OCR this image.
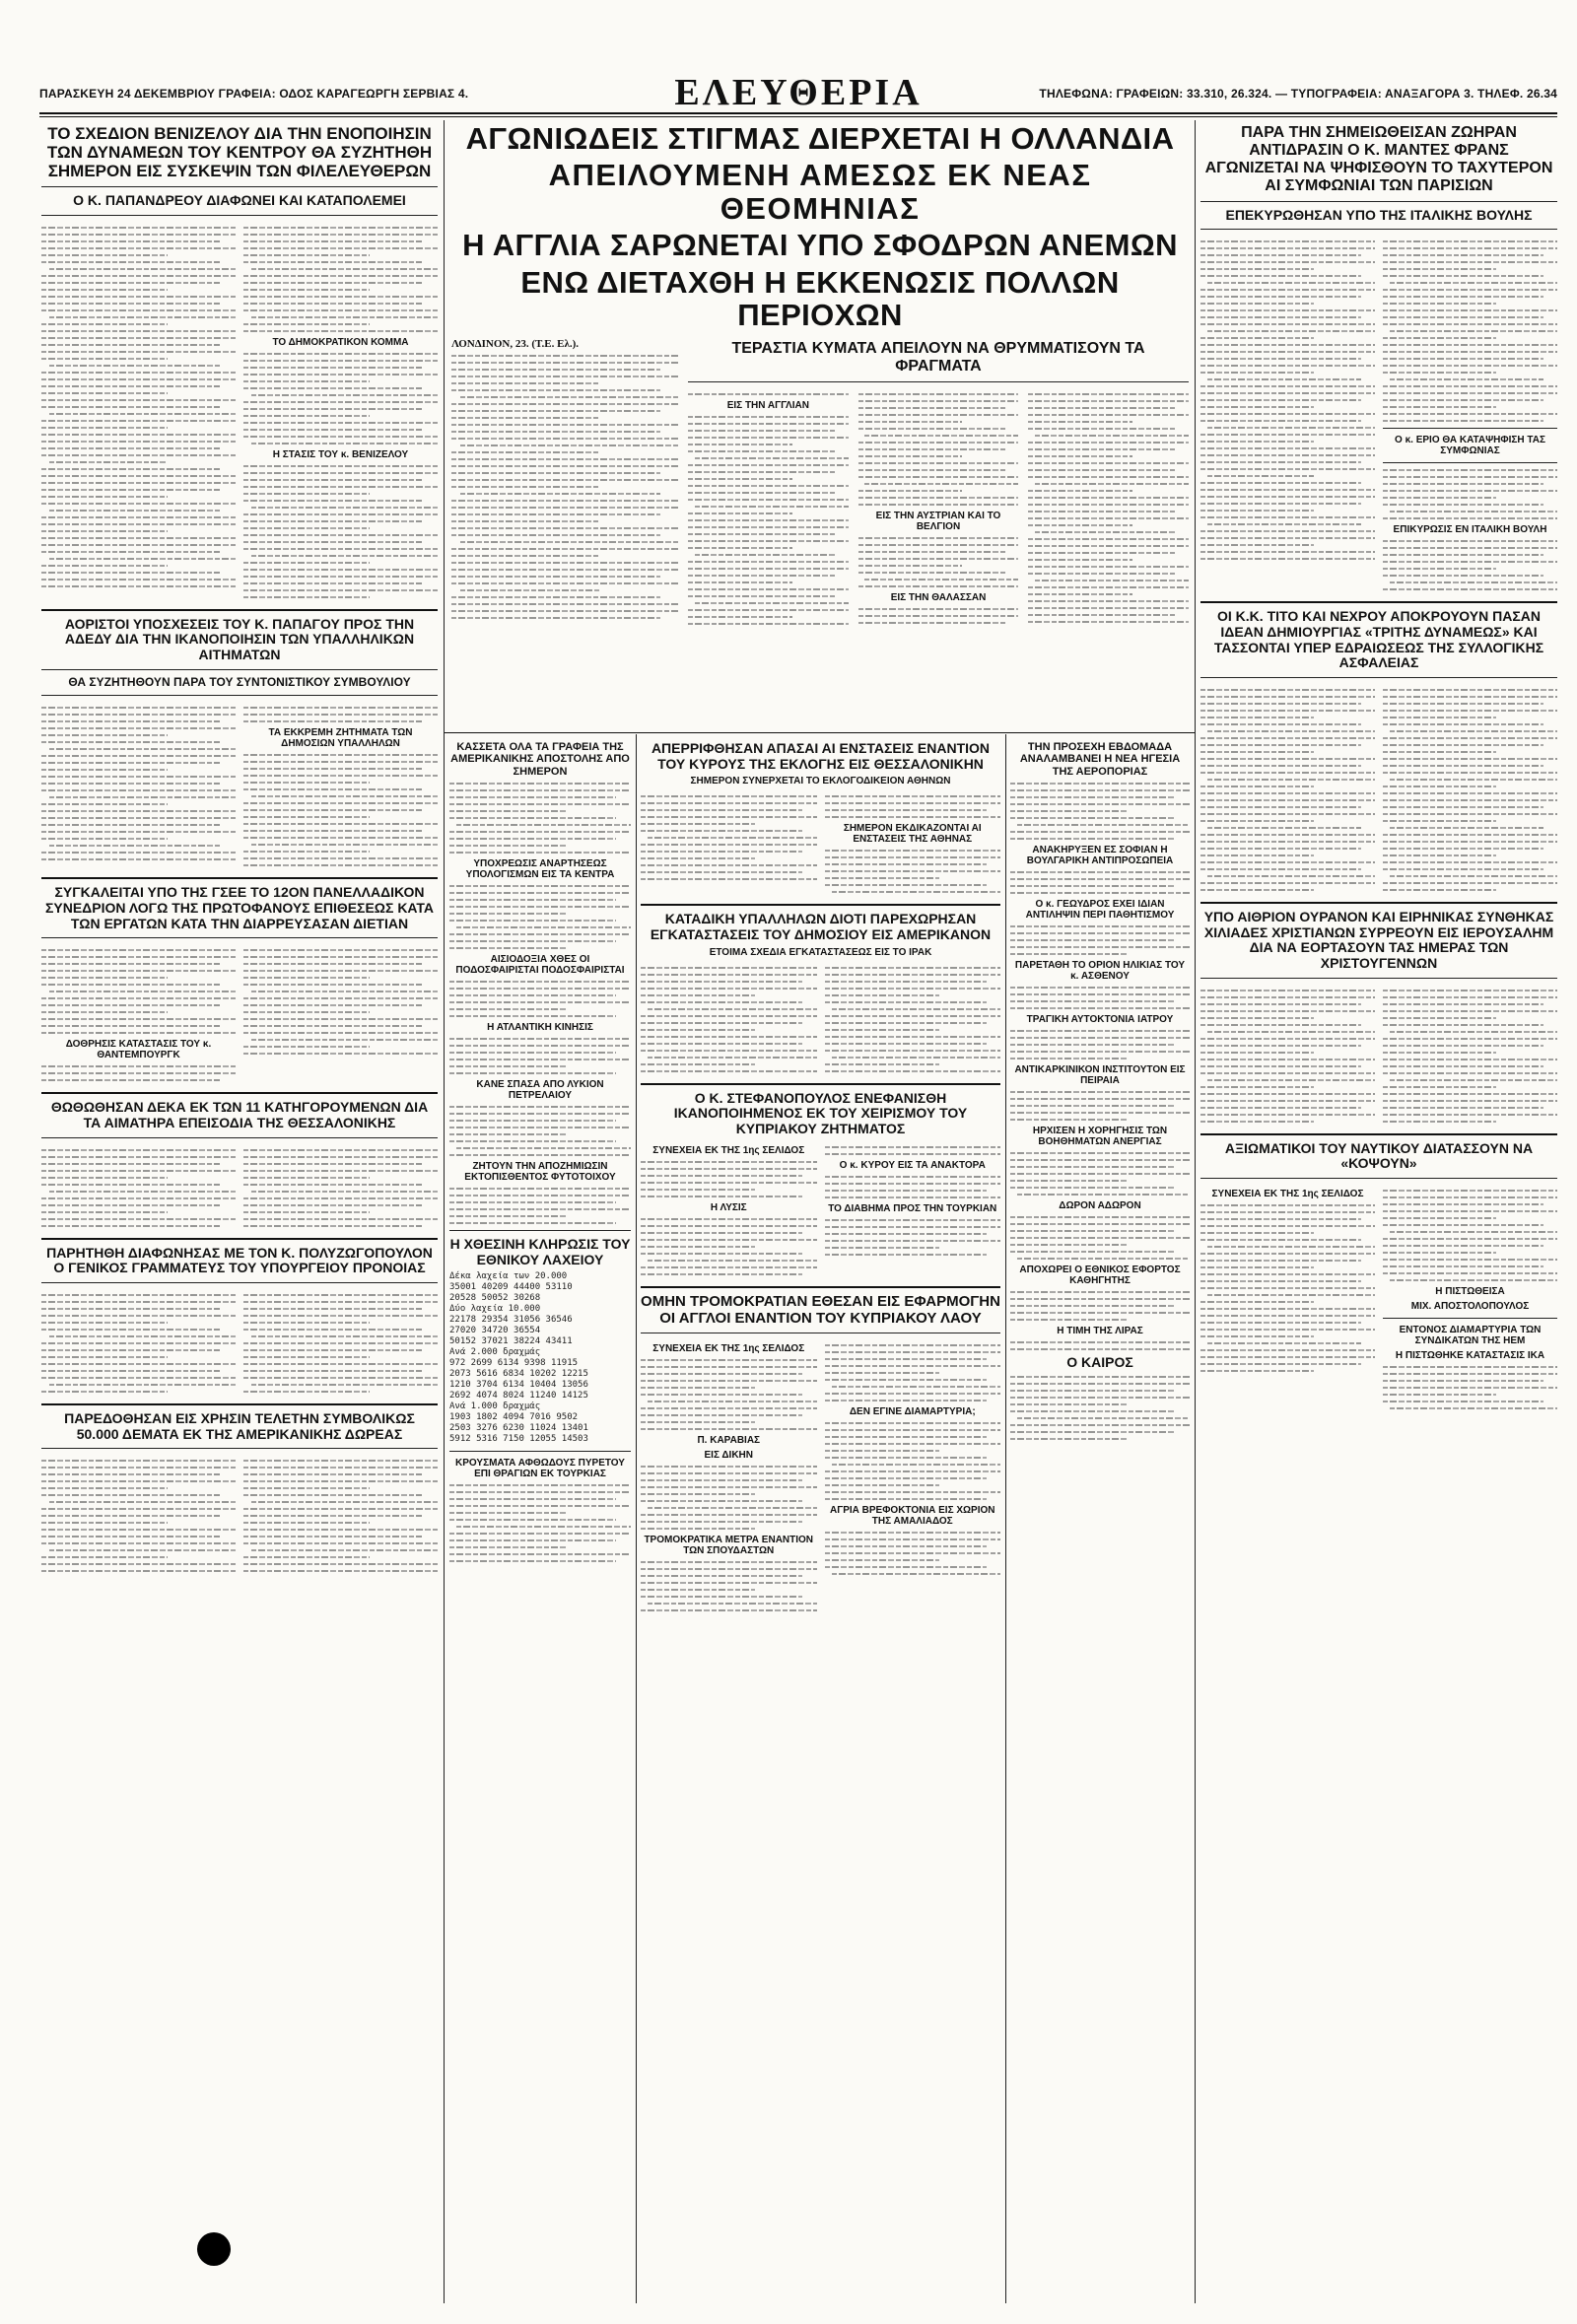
ΠΑΡΑΣΚΕΥΗ 24 ΔΕΚΕΜΒΡΙΟΥ ΓΡΑΦΕΙΑ: ΟΔΟΣ ΚΑΡΑΓΕΩΡΓΗ ΣΕΡΒΙΑΣ 4.	ΕΛΕΥΘΕΡΙΑ	ΤΗΛΕΦΩΝΑ: ΓΡΑΦΕΙΩΝ: 33.310, 26.324. — ΤΥΠΟΓΡΑΦΕΙΑ: ΑΝΑΞΑΓΟΡΑ 3. ΤΗΛΕΦ. 26.34
ΤΟ ΣΧΕΔΙΟΝ ΒΕΝΙΖΕΛΟΥ ΔΙΑ ΤΗΝ ΕΝΟΠΟΙΗΣΙΝ ΤΩΝ ΔΥΝΑΜΕΩΝ ΤΟΥ ΚΕΝΤΡΟΥ ΘΑ ΣΥΖΗΤΗΘΗ ΣΗΜΕΡΟΝ ΕΙΣ ΣΥΣΚΕΨΙΝ ΤΩΝ ΦΙΛΕΛΕΥΘΕΡΩΝ
Ο Κ. ΠΑΠΑΝΔΡΕΟΥ ΔΙΑΦΩΝΕΙ ΚΑΙ ΚΑΤΑΠΟΛΕΜΕΙ
ΤΟ ΔΗΜΟΚΡΑΤΙΚΟΝ ΚΟΜΜΑ
Η ΣΤΑΣΙΣ ΤΟΥ κ. ΒΕΝΙΖΕΛΟΥ
ΑΟΡΙΣΤΟΙ ΥΠΟΣΧΕΣΕΙΣ ΤΟΥ Κ. ΠΑΠΑΓΟΥ ΠΡΟΣ ΤΗΝ ΑΔΕΔΥ ΔΙΑ ΤΗΝ ΙΚΑΝΟΠΟΙΗΣΙΝ ΤΩΝ ΥΠΑΛΛΗΛΙΚΩΝ ΑΙΤΗΜΑΤΩΝ
ΘΑ ΣΥΖΗΤΗΘΟΥΝ ΠΑΡΑ ΤΟΥ ΣΥΝΤΟΝΙΣΤΙΚΟΥ ΣΥΜΒΟΥΛΙΟΥ
ΤΑ ΕΚΚΡΕΜΗ ΖΗΤΗΜΑΤΑ ΤΩΝ ΔΗΜΟΣΙΩΝ ΥΠΑΛΛΗΛΩΝ
ΣΥΓΚΑΛΕΙΤΑΙ ΥΠΟ ΤΗΣ ΓΣΕΕ ΤΟ 12ΟΝ ΠΑΝΕΛΛΑΔΙΚΟΝ ΣΥΝΕΔΡΙΟΝ ΛΟΓΩ ΤΗΣ ΠΡΩΤΟΦΑΝΟΥΣ ΕΠΙΘΕΣΕΩΣ ΚΑΤΑ ΤΩΝ ΕΡΓΑΤΩΝ ΚΑΤΑ ΤΗΝ ΔΙΑΡΡΕΥΣΑΣΑΝ ΔΙΕΤΙΑΝ
ΔΟΘΡΗΣΙΣ ΚΑΤΑΣΤΑΣΙΣ ΤΟΥ κ. ΘΑΝΤΕΜΠΟΥΡΓΚ
ΘΩΘΩΘΗΣΑΝ ΔΕΚΑ ΕΚ ΤΩΝ 11 ΚΑΤΗΓΟΡΟΥΜΕΝΩΝ ΔΙΑ ΤΑ ΑΙΜΑΤΗΡΑ ΕΠΕΙΣΟΔΙΑ ΤΗΣ ΘΕΣΣΑΛΟΝΙΚΗΣ
ΠΑΡΗΤΗΘΗ ΔΙΑΦΩΝΗΣΑΣ ΜΕ ΤΟΝ Κ. ΠΟΛΥΖΩΓΟΠΟΥΛΟΝ Ο ΓΕΝΙΚΟΣ ΓΡΑΜΜΑΤΕΥΣ ΤΟΥ ΥΠΟΥΡΓΕΙΟΥ ΠΡΟΝΟΙΑΣ
ΠΑΡΕΔΟΘΗΣΑΝ ΕΙΣ ΧΡΗΣΙΝ ΤΕΛΕΤΗΝ ΣΥΜΒΟΛΙΚΩΣ 50.000 ΔΕΜΑΤΑ ΕΚ ΤΗΣ ΑΜΕΡΙΚΑΝΙΚΗΣ ΔΩΡΕΑΣ
ΑΓΩΝΙΩΔΕΙΣ ΣΤΙΓΜΑΣ ΔΙΕΡΧΕΤΑΙ Η ΟΛΛΑΝΔΙΑ
ΑΠΕΙΛΟΥΜΕΝΗ ΑΜΕΣΩΣ ΕΚ ΝΕΑΣ ΘΕΟΜΗΝΙΑΣ
Η ΑΓΓΛΙΑ ΣΑΡΩΝΕΤΑΙ ΥΠΟ ΣΦΟΔΡΩΝ ΑΝΕΜΩΝ
ΕΝΩ ΔΙΕΤΑΧΘΗ Η ΕΚΚΕΝΩΣΙΣ ΠΟΛΛΩΝ ΠΕΡΙΟΧΩΝ
ΛΟΝΔΙΝΟΝ, 23. (Τ.Ε. Ελ.).	ΤΕΡΑΣΤΙΑ ΚΥΜΑΤΑ ΑΠΕΙΛΟΥΝ ΝΑ ΘΡΥΜΜΑΤΙΣΟΥΝ ΤΑ ΦΡΑΓΜΑΤΑ
ΕΙΣ ΤΗΝ ΑΓΓΛΙΑΝ
ΕΙΣ ΤΗΝ ΑΥΣΤΡΙΑΝ ΚΑΙ ΤΟ ΒΕΛΓΙΟΝ
ΕΙΣ ΤΗΝ ΘΑΛΑΣΣΑΝ
ΚΑΣΣΕΤΑ ΟΛΑ ΤΑ ΓΡΑΦΕΙΑ ΤΗΣ ΑΜΕΡΙΚΑΝΙΚΗΣ ΑΠΟΣΤΟΛΗΣ ΑΠΟ ΣΗΜΕΡΟΝ
ΥΠΟΧΡΕΩΣΙΣ ΑΝΑΡΤΗΣΕΩΣ ΥΠΟΛΟΓΙΣΜΩΝ ΕΙΣ ΤΑ ΚΕΝΤΡΑ
ΑΙΣΙΟΔΟΞΙΑ ΧΘΕΣ ΟΙ ΠΟΔΟΣΦΑΙΡΙΣΤΑΙ ΠΟΔΟΣΦΑΙΡΙΣΤΑΙ
Η ΑΤΛΑΝΤΙΚΗ ΚΙΝΗΣΙΣ
ΚΑΝΕ ΣΠΑΣΑ ΑΠΟ ΛΥΚΙΟΝ ΠΕΤΡΕΛΑΙΟΥ
ΖΗΤΟΥΝ ΤΗΝ ΑΠΟΖΗΜΙΩΣΙΝ ΕΚΤΟΠΙΣΘΕΝΤΟΣ ΦΥΤΟΤΟΙΧΟΥ
Η ΧΘΕΣΙΝΗ ΚΛΗΡΩΣΙΣ ΤΟΥ ΕΘΝΙΚΟΥ ΛΑΧΕΙΟΥ
Δέκα λαχεία των 20.000
35001 40209 44400 53110
20528 50052 30268
Δύο λαχεία 10.000
22178 29354 31056 36546
27020 34720 36554
50152 37021 38224 43411
Ανά 2.000 δραχμάς
972 2699 6134 9398 11915
2073 5616 6834 10202 12215
1210 3704 6134 10404 13056
2692 4074 8024 11240 14125
Ανά 1.000 δραχμάς
1903 1802 4094 7016 9502
2503 3276 6230 11024 13401
5912 5316 7150 12055 14503
ΚΡΟΥΣΜΑΤΑ ΑΦΘΩΔΟΥΣ ΠΥΡΕΤΟΥ ΕΠΙ ΘΡΑΓΙΩΝ ΕΚ ΤΟΥΡΚΙΑΣ
ΑΠΕΡΡΙΦΘΗΣΑΝ ΑΠΑΣΑΙ ΑΙ ΕΝΣΤΑΣΕΙΣ ΕΝΑΝΤΙΟΝ ΤΟΥ ΚΥΡΟΥΣ ΤΗΣ ΕΚΛΟΓΗΣ ΕΙΣ ΘΕΣΣΑΛΟΝΙΚΗΝ
ΣΗΜΕΡΟΝ ΣΥΝΕΡΧΕΤΑΙ ΤΟ ΕΚΛΟΓΟΔΙΚΕΙΟΝ ΑΘΗΝΩΝ
ΣΗΜΕΡΟΝ ΕΚΔΙΚΑΖΟΝΤΑΙ ΑΙ ΕΝΣΤΑΣΕΙΣ ΤΗΣ ΑΘΗΝΑΣ
ΚΑΤΑΔΙΚΗ ΥΠΑΛΛΗΛΩΝ ΔΙΟΤΙ ΠΑΡΕΧΩΡΗΣΑΝ ΕΓΚΑΤΑΣΤΑΣΕΙΣ ΤΟΥ ΔΗΜΟΣΙΟΥ ΕΙΣ ΑΜΕΡΙΚΑΝΟΝ
ΕΤΟΙΜΑ ΣΧΕΔΙΑ ΕΓΚΑΤΑΣΤΑΣΕΩΣ ΕΙΣ ΤΟ ΙΡΑΚ
Ο Κ. ΣΤΕΦΑΝΟΠΟΥΛΟΣ ΕΝΕΦΑΝΙΣΘΗ ΙΚΑΝΟΠΟΙΗΜΕΝΟΣ ΕΚ ΤΟΥ ΧΕΙΡΙΣΜΟΥ ΤΟΥ ΚΥΠΡΙΑΚΟΥ ΖΗΤΗΜΑΤΟΣ
ΣΥΝΕΧΕΙΑ ΕΚ ΤΗΣ 1ης ΣΕΛΙΔΟΣ
Η ΛΥΣΙΣ
Ο κ. ΚΥΡΟΥ ΕΙΣ ΤΑ ΑΝΑΚΤΟΡΑ
ΤΟ ΔΙΑΒΗΜΑ ΠΡΟΣ ΤΗΝ ΤΟΥΡΚΙΑΝ
ΟΜΗΝ ΤΡΟΜΟΚΡΑΤΙΑΝ ΕΘΕΣΑΝ ΕΙΣ ΕΦΑΡΜΟΓΗΝ ΟΙ ΑΓΓΛΟΙ ΕΝΑΝΤΙΟΝ ΤΟΥ ΚΥΠΡΙΑΚΟΥ ΛΑΟΥ
ΣΥΝΕΧΕΙΑ ΕΚ ΤΗΣ 1ης ΣΕΛΙΔΟΣ
Π. ΚΑΡΑΒΙΑΣ
ΕΙΣ ΔΙΚΗΝ
ΤΡΟΜΟΚΡΑΤΙΚΑ ΜΕΤΡΑ ΕΝΑΝΤΙΟΝ ΤΩΝ ΣΠΟΥΔΑΣΤΩΝ
ΔΕΝ ΕΓΙΝΕ ΔΙΑΜΑΡΤΥΡΙΑ;
ΑΓΡΙΑ ΒΡΕΦΟΚΤΟΝΙΑ ΕΙΣ ΧΩΡΙΟΝ ΤΗΣ ΑΜΑΛΙΑΔΟΣ
ΤΗΝ ΠΡΟΣΕΧΗ ΕΒΔΟΜΑΔΑ ΑΝΑΛΑΜΒΑΝΕΙ Η ΝΕΑ ΗΓΕΣΙΑ ΤΗΣ ΑΕΡΟΠΟΡΙΑΣ
ΑΝΑΚΗΡΥΞΕΝ ΕΣ ΣΟΦΙΑΝ Η ΒΟΥΛΓΑΡΙΚΗ ΑΝΤΙΠΡΟΣΩΠΕΙΑ
Ο κ. ΓΕΩΥΔΡΟΣ ΕΧΕΙ ΙΔΙΑΝ ΑΝΤΙΛΗΨΙΝ ΠΕΡΙ ΠΑΘΗΤΙΣΜΟΥ
ΠΑΡΕΤΑΘΗ ΤΟ ΟΡΙΟΝ ΗΛΙΚΙΑΣ ΤΟΥ κ. ΑΣΘΕΝΟΥ
ΤΡΑΓΙΚΗ ΑΥΤΟΚΤΟΝΙΑ ΙΑΤΡΟΥ
ΑΝΤΙΚΑΡΚΙΝΙΚΟΝ ΙΝΣΤΙΤΟΥΤΟΝ ΕΙΣ ΠΕΙΡΑΙΑ
ΗΡΧΙΣΕΝ Η ΧΟΡΗΓΗΣΙΣ ΤΩΝ ΒΟΗΘΗΜΑΤΩΝ ΑΝΕΡΓΙΑΣ
ΔΩΡΟΝ ΑΔΩΡΟΝ
ΑΠΟΧΩΡΕΙ Ο ΕΘΝΙΚΟΣ ΕΦΟΡΤΟΣ ΚΑΘΗΓΗΤΗΣ
Η ΤΙΜΗ ΤΗΣ ΛΙΡΑΣ
Ο ΚΑΙΡΟΣ
ΠΑΡΑ ΤΗΝ ΣΗΜΕΙΩΘΕΙΣΑΝ ΖΩΗΡΑΝ ΑΝΤΙΔΡΑΣΙΝ Ο Κ. ΜΑΝΤΕΣ ΦΡΑΝΣ ΑΓΩΝΙΖΕΤΑΙ ΝΑ ΨΗΦΙΣΘΟΥΝ ΤΟ ΤΑΧΥΤΕΡΟΝ ΑΙ ΣΥΜΦΩΝΙΑΙ ΤΩΝ ΠΑΡΙΣΙΩΝ
ΕΠΕΚΥΡΩΘΗΣΑΝ ΥΠΟ ΤΗΣ ΙΤΑΛΙΚΗΣ ΒΟΥΛΗΣ
Ο κ. ΕΡΙΟ ΘΑ ΚΑΤΑΨΗΦΙΣΗ ΤΑΣ ΣΥΜΦΩΝΙΑΣ
ΕΠΙΚΥΡΩΣΙΣ ΕΝ ΙΤΑΛΙΚΗ ΒΟΥΛΗ
ΟΙ Κ.Κ. ΤΙΤΟ ΚΑΙ ΝΕΧΡΟΥ ΑΠΟΚΡΟΥΟΥΝ ΠΑΣΑΝ ΙΔΕΑΝ ΔΗΜΙΟΥΡΓΙΑΣ «ΤΡΙΤΗΣ ΔΥΝΑΜΕΩΣ» ΚΑΙ ΤΑΣΣΟΝΤΑΙ ΥΠΕΡ ΕΔΡΑΙΩΣΕΩΣ ΤΗΣ ΣΥΛΛΟΓΙΚΗΣ ΑΣΦΑΛΕΙΑΣ
ΥΠΟ ΑΙΘΡΙΟΝ ΟΥΡΑΝΟΝ ΚΑΙ ΕΙΡΗΝΙΚΑΣ ΣΥΝΘΗΚΑΣ ΧΙΛΙΑΔΕΣ ΧΡΙΣΤΙΑΝΩΝ ΣΥΡΡΕΟΥΝ ΕΙΣ ΙΕΡΟΥΣΑΛΗΜ ΔΙΑ ΝΑ ΕΟΡΤΑΣΟΥΝ ΤΑΣ ΗΜΕΡΑΣ ΤΩΝ ΧΡΙΣΤΟΥΓΕΝΝΩΝ
ΑΞΙΩΜΑΤΙΚΟΙ ΤΟΥ ΝΑΥΤΙΚΟΥ ΔΙΑΤΑΣΣΟΥΝ ΝΑ «ΚΟΨΟΥΝ»
ΣΥΝΕΧΕΙΑ ΕΚ ΤΗΣ 1ης ΣΕΛΙΔΟΣ
Η ΠΙΣΤΩΘΕΙΣΑ
ΜΙΧ. ΑΠΟΣΤΟΛΟΠΟΥΛΟΣ
ΕΝΤΟΝΟΣ ΔΙΑΜΑΡΤΥΡΙΑ ΤΩΝ ΣΥΝΔΙΚΑΤΩΝ ΤΗΣ ΗΕΜ
Η ΠΙΣΤΩΘΗΚΕ ΚΑΤΑΣΤΑΣΙΣ ΙΚΑ
